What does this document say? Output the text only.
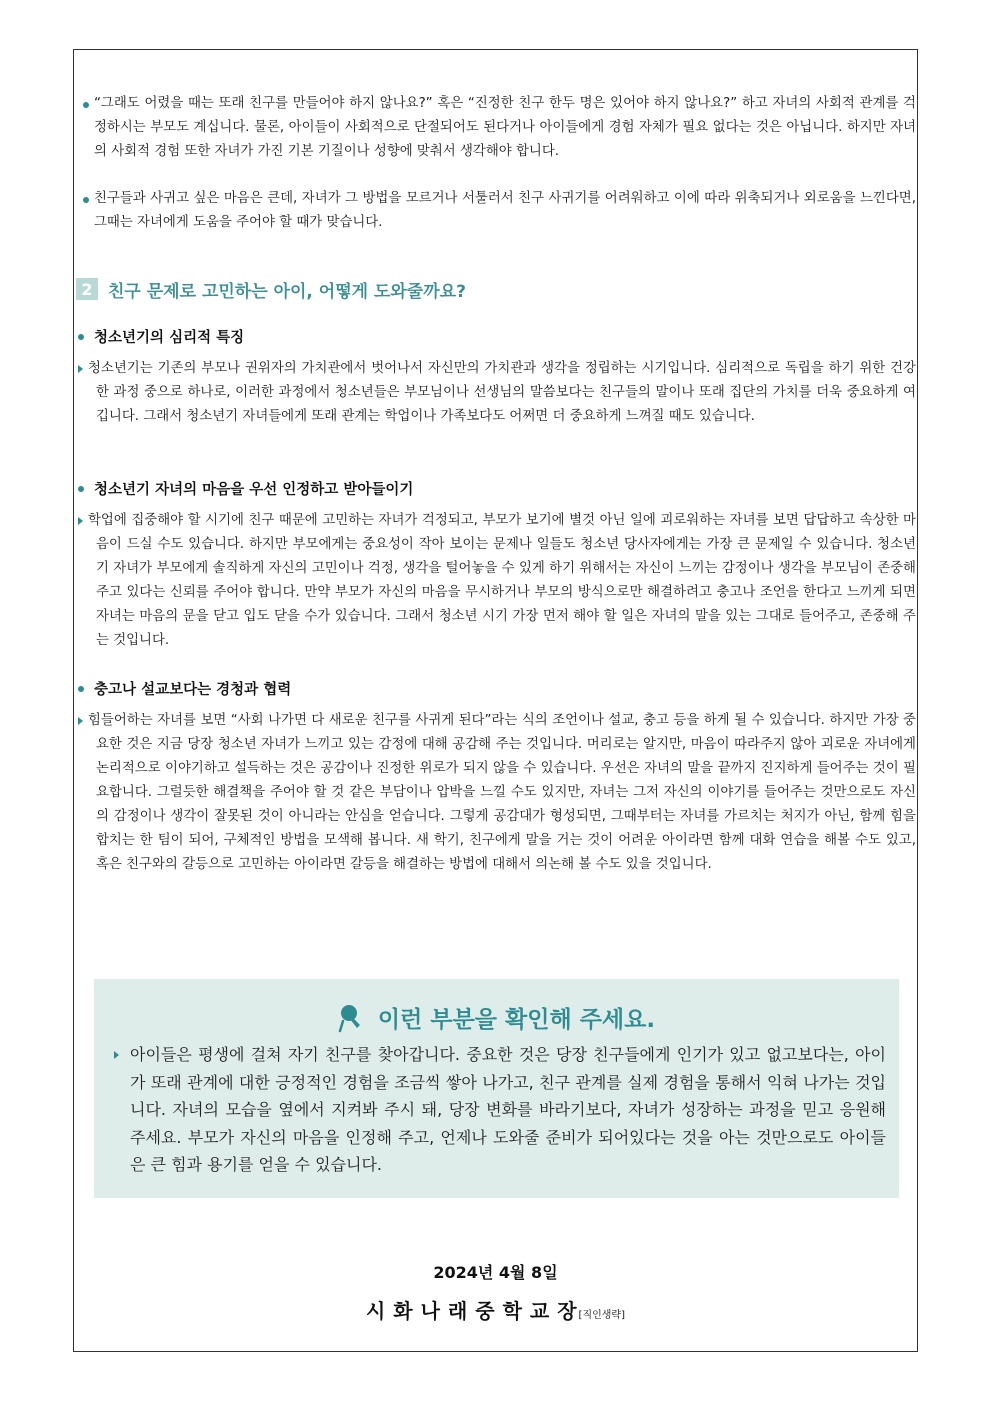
“그래도 어렸을 때는 또래 친구를 만들어야 하지 않나요?” 혹은 “진정한 친구 한두 명은 있어야 하지 않나요?” 하고 자녀의 사회적 관계를 걱정하시는 부모도 계십니다. 물론, 아이들이 사회적으로 단절되어도 된다거나 아이들에게 경험 자체가 필요 없다는 것은 아닙니다. 하지만 자녀의 사회적 경험 또한 자녀가 가진 기본 기질이나 성향에 맞춰서 생각해야 합니다.
친구들과 사귀고 싶은 마음은 큰데, 자녀가 그 방법을 모르거나 서툴러서 친구 사귀기를 어려워하고 이에 따라 위축되거나 외로움을 느낀다면, 그때는 자녀에게 도움을 주어야 할 때가 맞습니다.
2 친구 문제로 고민하는 아이, 어떻게 도와줄까요?
청소년기의 심리적 특징
청소년기는 기존의 부모나 권위자의 가치관에서 벗어나서 자신만의 가치관과 생각을 정립하는 시기입니다. 심리적으로 독립을 하기 위한 건강한 과정 중으로 하나로, 이러한 과정에서 청소년들은 부모님이나 선생님의 말씀보다는 친구들의 말이나 또래 집단의 가치를 더욱 중요하게 여깁니다. 그래서 청소년기 자녀들에게 또래 관계는 학업이나 가족보다도 어쩌면 더 중요하게 느껴질 때도 있습니다.
청소년기 자녀의 마음을 우선 인정하고 받아들이기
학업에 집중해야 할 시기에 친구 때문에 고민하는 자녀가 걱정되고, 부모가 보기에 별것 아닌 일에 괴로워하는 자녀를 보면 답답하고 속상한 마음이 드실 수도 있습니다. 하지만 부모에게는 중요성이 작아 보이는 문제나 일들도 청소년 당사자에게는 가장 큰 문제일 수 있습니다. 청소년기 자녀가 부모에게 솔직하게 자신의 고민이나 걱정, 생각을 털어놓을 수 있게 하기 위해서는 자신이 느끼는 감정이나 생각을 부모님이 존중해주고 있다는 신뢰를 주어야 합니다. 만약 부모가 자신의 마음을 무시하거나 부모의 방식으로만 해결하려고 충고나 조언을 한다고 느끼게 되면 자녀는 마음의 문을 닫고 입도 닫을 수가 있습니다. 그래서 청소년 시기 가장 먼저 해야 할 일은 자녀의 말을 있는 그대로 들어주고, 존중해 주는 것입니다.
충고나 설교보다는 경청과 협력
힘들어하는 자녀를 보면 “사회 나가면 다 새로운 친구를 사귀게 된다”라는 식의 조언이나 설교, 충고 등을 하게 될 수 있습니다. 하지만 가장 중요한 것은 지금 당장 청소년 자녀가 느끼고 있는 감정에 대해 공감해 주는 것입니다. 머리로는 알지만, 마음이 따라주지 않아 괴로운 자녀에게 논리적으로 이야기하고 설득하는 것은 공감이나 진정한 위로가 되지 않을 수 있습니다. 우선은 자녀의 말을 끝까지 진지하게 들어주는 것이 필요합니다. 그럴듯한 해결책을 주어야 할 것 같은 부담이나 압박을 느낄 수도 있지만, 자녀는 그저 자신의 이야기를 들어주는 것만으로도 자신의 감정이나 생각이 잘못된 것이 아니라는 안심을 얻습니다. 그렇게 공감대가 형성되면, 그때부터는 자녀를 가르치는 처지가 아닌, 함께 힘을 합치는 한 팀이 되어, 구체적인 방법을 모색해 봅니다. 새 학기, 친구에게 말을 거는 것이 어려운 아이라면 함께 대화 연습을 해볼 수도 있고, 혹은 친구와의 갈등으로 고민하는 아이라면 갈등을 해결하는 방법에 대해서 의논해 볼 수도 있을 것입니다.
이런 부분을 확인해 주세요.
아이들은 평생에 걸쳐 자기 친구를 찾아갑니다. 중요한 것은 당장 친구들에게 인기가 있고 없고보다는, 아이가 또래 관계에 대한 긍정적인 경험을 조금씩 쌓아 나가고, 친구 관계를 실제 경험을 통해서 익혀 나가는 것입니다. 자녀의 모습을 옆에서 지켜봐 주시 돼, 당장 변화를 바라기보다, 자녀가 성장하는 과정을 믿고 응원해 주세요. 부모가 자신의 마음을 인정해 주고, 언제나 도와줄 준비가 되어있다는 것을 아는 것만으로도 아이들은 큰 힘과 용기를 얻을 수 있습니다.
2024년 4월 8일
시화나래중학교장[직인생략]
